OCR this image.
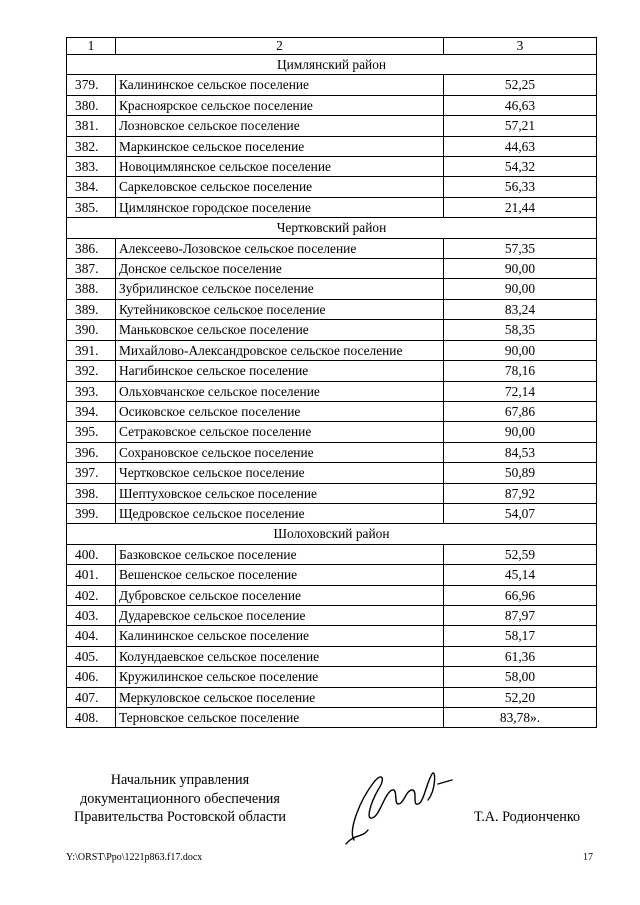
1	2	3
Цимлянский район		
379.	Калининское сельское поселение	52,25
380.	Красноярское сельское поселение	46,63
381.	Лозновское сельское поселение	57,21
382.	Маркинское сельское поселение	44,63
383.	Новоцимлянское сельское поселение	54,32
384.	Саркеловское сельское поселение	56,33
385.	Цимлянское городское поселение	21,44
Чертковский район		
386.	Алексеево-Лозовское сельское поселение	57,35
387.	Донское сельское поселение	90,00
388.	Зубрилинское сельское поселение	90,00
389.	Кутейниковское сельское поселение	83,24
390.	Маньковское сельское поселение	58,35
391.	Михайлово-Александровское сельское поселение	90,00
392.	Нагибинское сельское поселение	78,16
393.	Ольховчанское сельское поселение	72,14
394.	Осиковское сельское поселение	67,86
395.	Сетраковское сельское поселение	90,00
396.	Сохрановское сельское поселение	84,53
397.	Чертковское сельское поселение	50,89
398.	Шептуховское сельское поселение	87,92
399.	Щедровское сельское поселение	54,07
Шолоховский район		
400.	Базковское сельское поселение	52,59
401.	Вешенское сельское поселение	45,14
402.	Дубровское сельское поселение	66,96
403.	Дударевское сельское поселение	87,97
404.	Калининское сельское поселение	58,17
405.	Колундаевское сельское поселение	61,36
406.	Кружилинское сельское поселение	58,00
407.	Меркуловское сельское поселение	52,20
408.	Терновское сельское поселение	83,78».
Начальник управления
документационного обеспечения
Правительства Ростовской области	Т.А. Родионченко
Y:\ORST\Ppo\1221p863.f17.docx	17
